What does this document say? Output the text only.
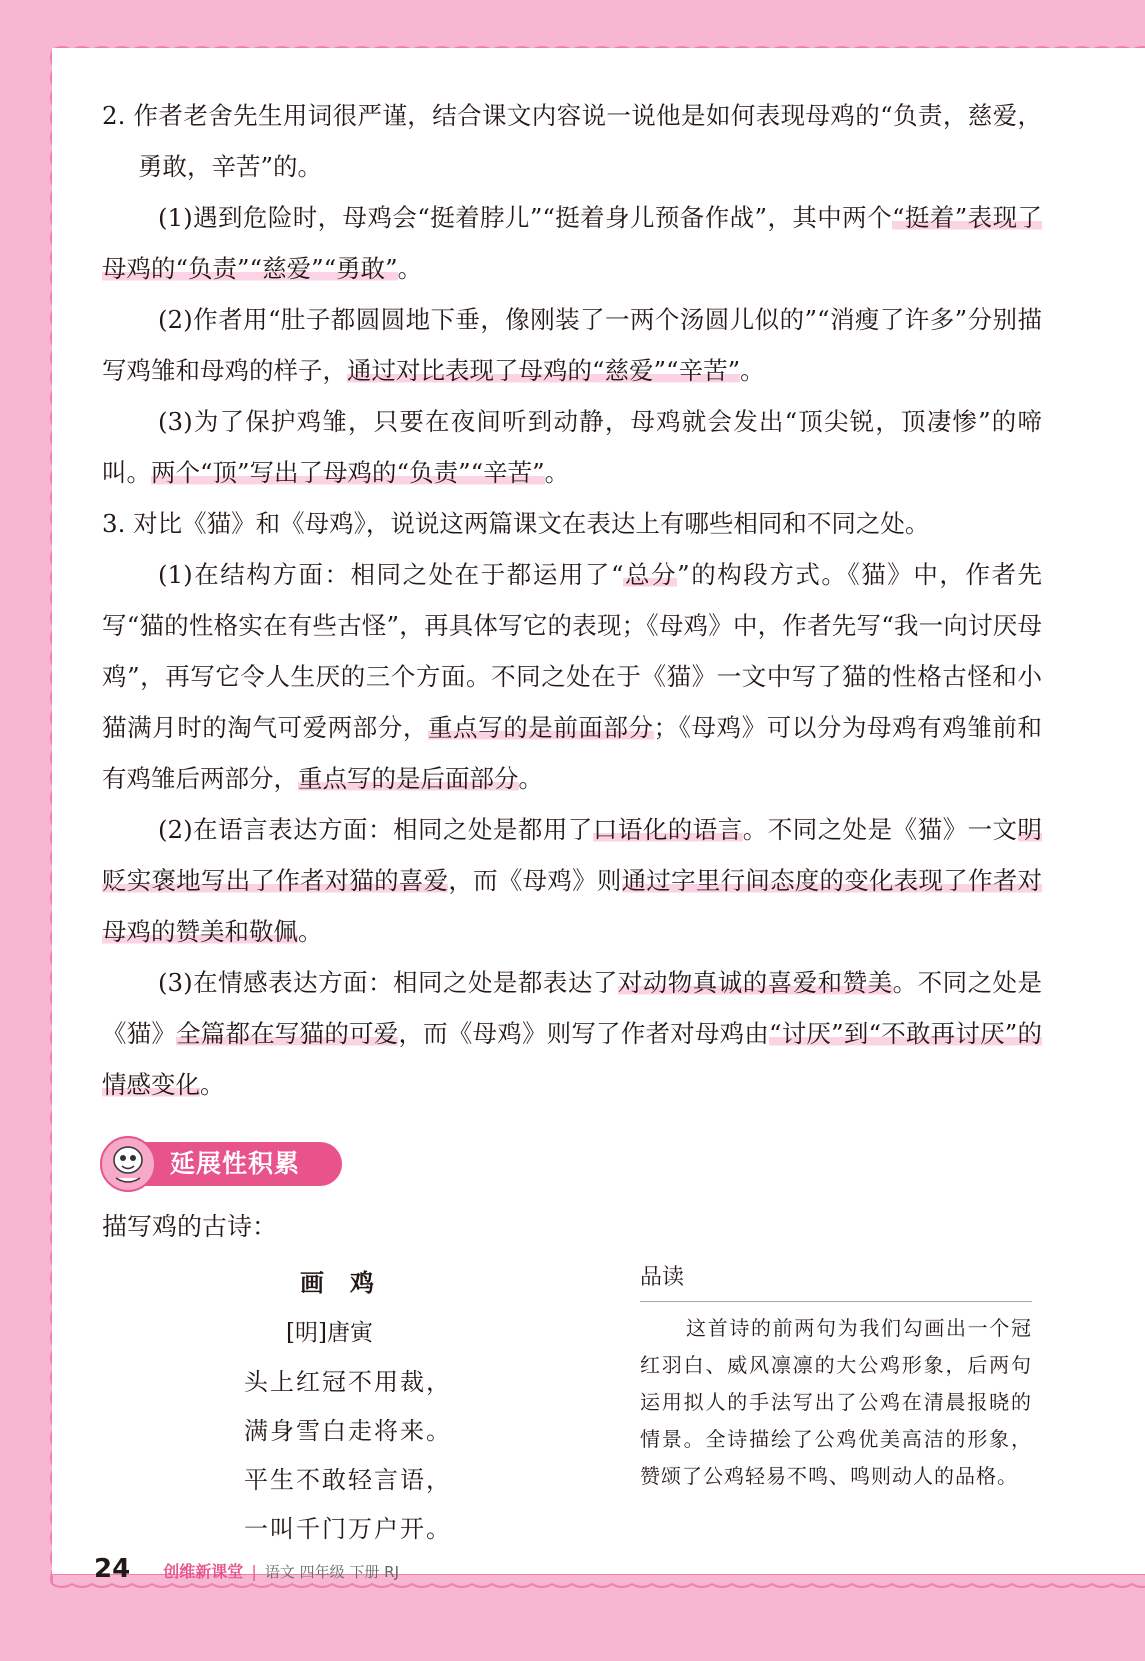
2. 作者老舍先生用词很严谨，结合课文内容说一说他是如何表现母鸡的“负责，慈爱，勇敢，辛苦”的。

(1)遇到危险时，母鸡会“挺着脖儿”“挺着身儿预备作战”，其中两个“挺着”表现了母鸡的“负责”“慈爱”“勇敢”。

(2)作者用“肚子都圆圆地下垂，像刚装了一两个汤圆儿似的”“消瘦了许多”分别描写鸡雏和母鸡的样子，通过对比表现了母鸡的“慈爱”“辛苦”。

(3)为了保护鸡雏，只要在夜间听到动静，母鸡就会发出“顶尖锐，顶凄惨”的啼叫。两个“顶”写出了母鸡的“负责”“辛苦”。

3. 对比《猫》和《母鸡》，说说这两篇课文在表达上有哪些相同和不同之处。

(1)在结构方面：相同之处在于都运用了“总分”的构段方式。《猫》中，作者先写“猫的性格实在有些古怪”，再具体写它的表现；《母鸡》中，作者先写“我一向讨厌母鸡”，再写它令人生厌的三个方面。不同之处在于《猫》一文中写了猫的性格古怪和小猫满月时的淘气可爱两部分，重点写的是前面部分；《母鸡》可以分为母鸡有鸡雏前和有鸡雏后两部分，重点写的是后面部分。

(2)在语言表达方面：相同之处是都用了口语化的语言。不同之处是《猫》一文明贬实褒地写出了作者对猫的喜爱，而《母鸡》则通过字里行间态度的变化表现了作者对母鸡的赞美和敬佩。

(3)在情感表达方面：相同之处是都表达了对动物真诚的喜爱和赞美。不同之处是《猫》全篇都在写猫的可爱，而《母鸡》则写了作者对母鸡由“讨厌”到“不敢再讨厌”的情感变化。

延展性积累
描写鸡的古诗：
画鸡
[明]唐寅
头上红冠不用裁，
满身雪白走将来。
平生不敢轻言语，
一叫千门万户开。
品读
这首诗的前两句为我们勾画出一个冠红羽白、威风凛凛的大公鸡形象，后两句运用拟人的手法写出了公鸡在清晨报晓的情景。全诗描绘了公鸡优美高洁的形象，赞颂了公鸡轻易不鸣、鸣则动人的品格。
24 创维新课堂 | 语文 四年级 下册 RJ
